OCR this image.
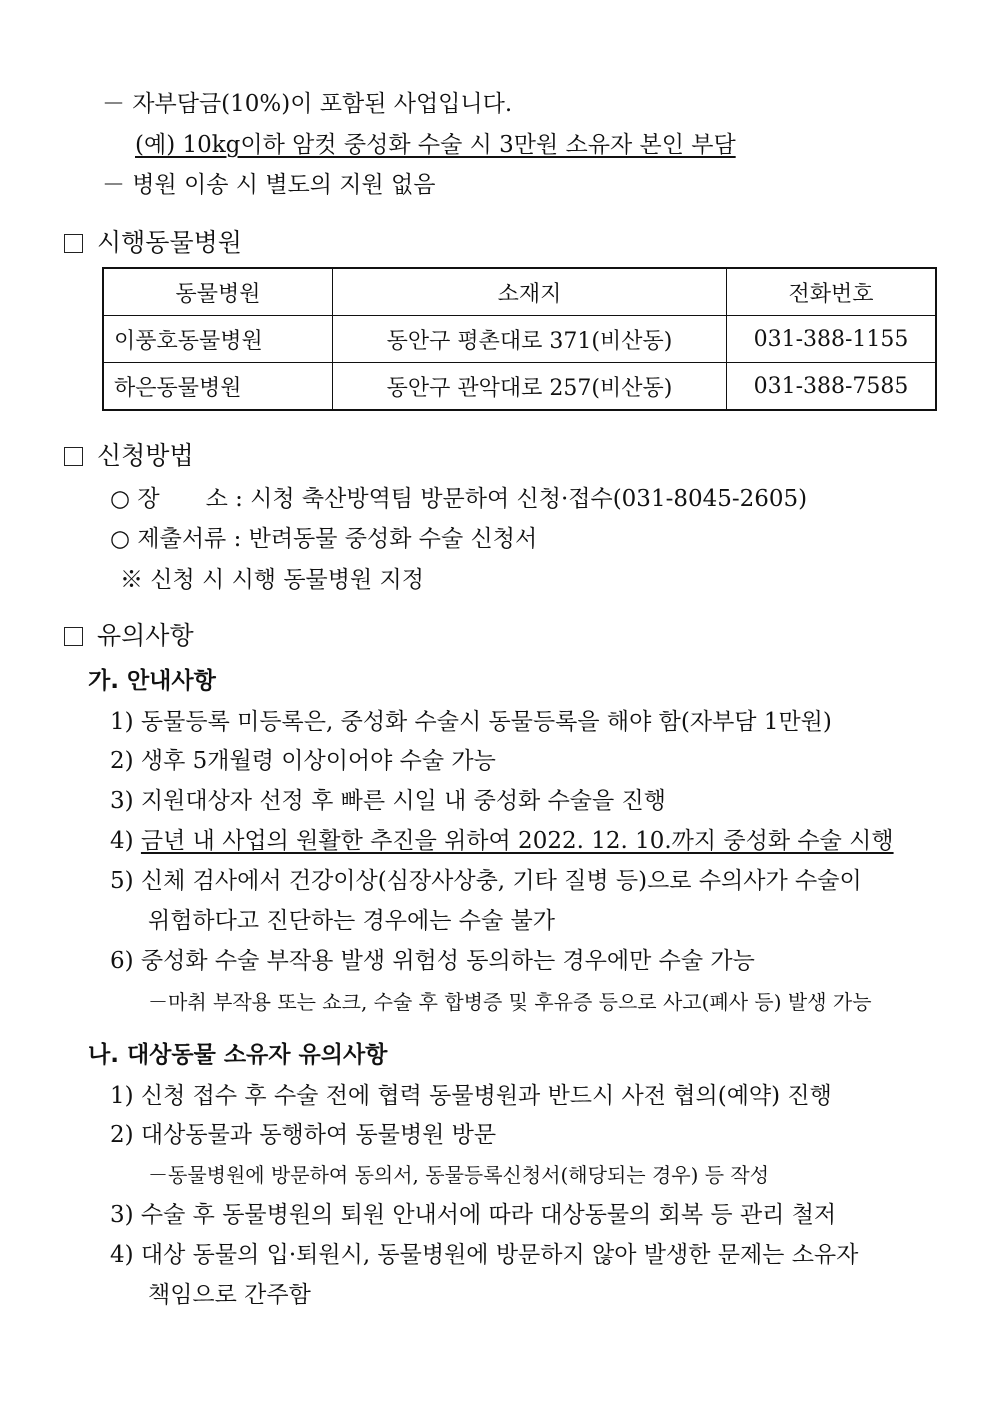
－ 자부담금(10%)이 포함된 사업입니다.
(예) 10kg이하 암컷 중성화 수술 시 3만원 소유자 본인 부담
－ 병원 이송 시 별도의 지원 없음
시행동물병원
동물병원	소재지	전화번호
이풍호동물병원	동안구 평촌대로 371(비산동)	031-388-1155
하은동물병원	동안구 관악대로 257(비산동)	031-388-7585
신청방법
○ 장　　소 : 시청 축산방역팀 방문하여 신청·접수(031-8045-2605)
○ 제출서류 : 반려동물 중성화 수술 신청서
※ 신청 시 시행 동물병원 지정
유의사항
가. 안내사항
1) 동물등록 미등록은, 중성화 수술시 동물등록을 해야 함(자부담 1만원)
2) 생후 5개월령 이상이어야 수술 가능
3) 지원대상자 선정 후 빠른 시일 내 중성화 수술을 진행
4) 금년 내 사업의 원활한 추진을 위하여 2022. 12. 10.까지 중성화 수술 시행
5) 신체 검사에서 건강이상(심장사상충, 기타 질병 등)으로 수의사가 수술이
위험하다고 진단하는 경우에는 수술 불가
6) 중성화 수술 부작용 발생 위험성 동의하는 경우에만 수술 가능
－마취 부작용 또는 쇼크, 수술 후 합병증 및 후유증 등으로 사고(폐사 등) 발생 가능
나. 대상동물 소유자 유의사항
1) 신청 접수 후 수술 전에 협력 동물병원과 반드시 사전 협의(예약) 진행
2) 대상동물과 동행하여 동물병원 방문
－동물병원에 방문하여 동의서, 동물등록신청서(해당되는 경우) 등 작성
3) 수술 후 동물병원의 퇴원 안내서에 따라 대상동물의 회복 등 관리 철저
4) 대상 동물의 입·퇴원시, 동물병원에 방문하지 않아 발생한 문제는 소유자
책임으로 간주함
